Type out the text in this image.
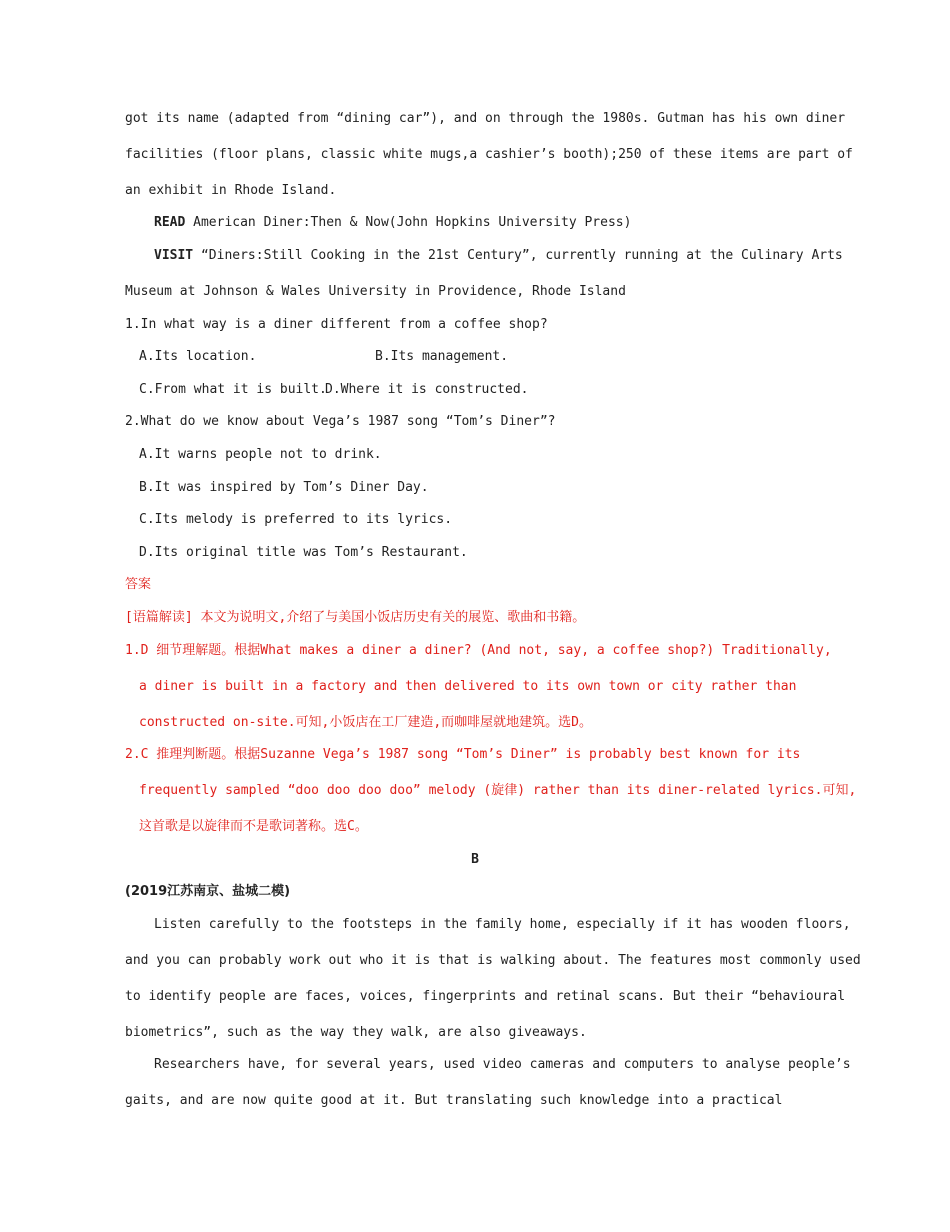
got its name (adapted from “dining car”), and on through the 1980s. Gutman has his own diner
facilities (floor plans, classic white mugs,a cashier’s booth);250 of these items are part of
an exhibit in Rhode Island.
READ American Diner:Then & Now(John Hopkins University Press)
VISIT “Diners:Still Cooking in the 21st Century”, currently running at the Culinary Arts
Museum at Johnson & Wales University in Providence, Rhode Island
1.In what way is a diner different from a coffee shop?
A.Its location.	B.Its management.
C.From what it is built.
D.Where it is constructed.
2.What do we know about Vega’s 1987 song “Tom’s Diner”?
A.It warns people not to drink.
B.It was inspired by Tom’s Diner Day.
C.Its melody is preferred to its lyrics.
D.Its original title was Tom’s Restaurant.
答案
[语篇解读] 本文为说明文,介绍了与美国小饭店历史有关的展览、歌曲和书籍。
1.D 细节理解题。根据What makes a diner a diner? (And not, say, a coffee shop?) Traditionally,
a diner is built in a factory and then delivered to its own town or city rather than
constructed on-site.可知,小饭店在工厂建造,而咖啡屋就地建筑。选D。
2.C 推理判断题。根据Suzanne Vega’s 1987 song “Tom’s Diner” is probably best known for its
frequently sampled “doo doo doo doo” melody (旋律) rather than its diner-related lyrics.可知,
这首歌是以旋律而不是歌词著称。选C。
B
(2019江苏南京、盐城二模)
Listen carefully to the footsteps in the family home, especially if it has wooden floors,
and you can probably work out who it is that is walking about. The features most commonly used
to identify people are faces, voices, fingerprints and retinal scans. But their “behavioural
biometrics”, such as the way they walk, are also giveaways.
Researchers have, for several years, used video cameras and computers to analyse people’s
gaits, and are now quite good at it. But translating such knowledge into a practical
